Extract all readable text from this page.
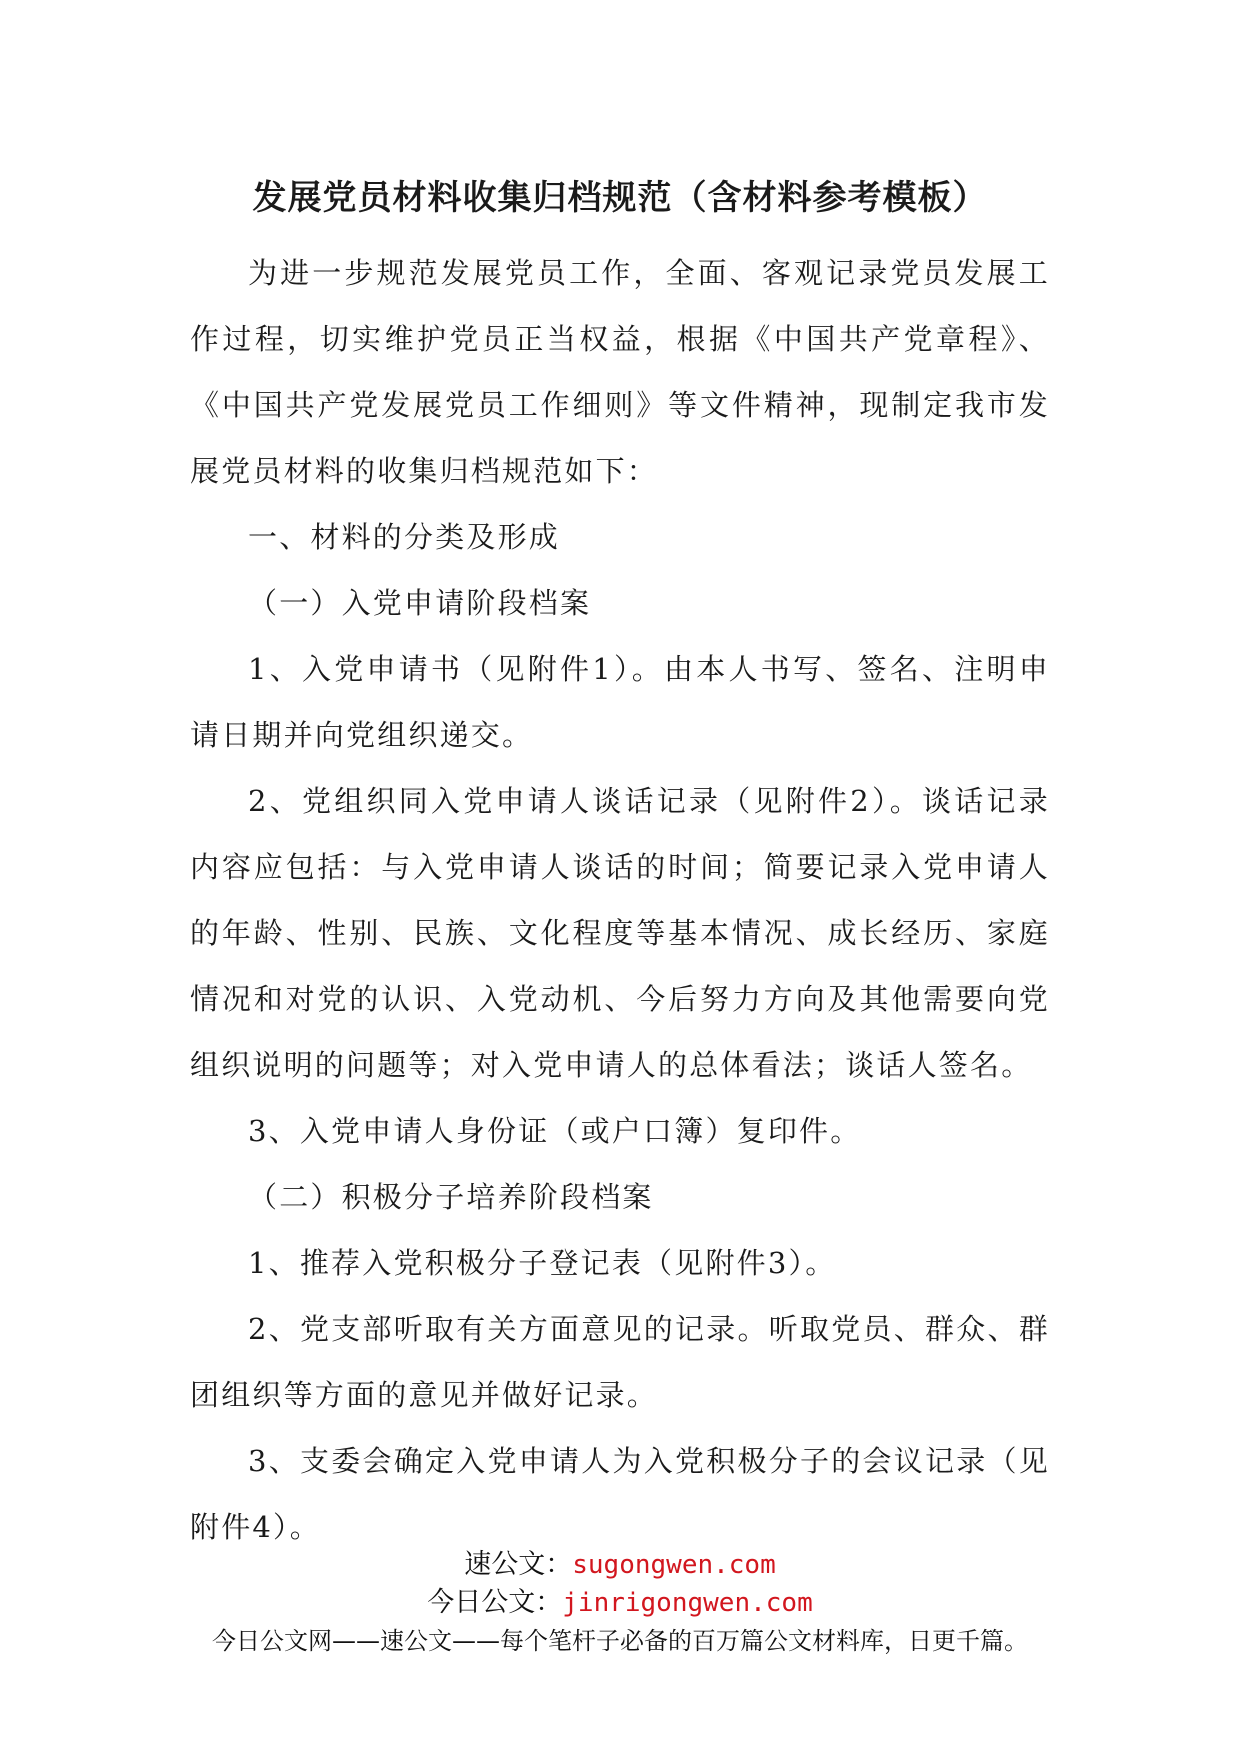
发展党员材料收集归档规范（含材料参考模板）

为进一步规范发展党员工作，全面、客观记录党员发展工作过程，切实维护党员正当权益，根据《中国共产党章程》、《中国共产党发展党员工作细则》等文件精神，现制定我市发展党员材料的收集归档规范如下：

一、材料的分类及形成

（一）入党申请阶段档案

1、入党申请书（见附件1）。由本人书写、签名、注明申请日期并向党组织递交。

2、党组织同入党申请人谈话记录（见附件2）。谈话记录内容应包括：与入党申请人谈话的时间；简要记录入党申请人的年龄、性别、民族、文化程度等基本情况、成长经历、家庭情况和对党的认识、入党动机、今后努力方向及其他需要向党组织说明的问题等；对入党申请人的总体看法；谈话人签名。

3、入党申请人身份证（或户口簿）复印件。

（二）积极分子培养阶段档案

1、推荐入党积极分子登记表（见附件3）。

2、党支部听取有关方面意见的记录。听取党员、群众、群团组织等方面的意见并做好记录。

3、支委会确定入党申请人为入党积极分子的会议记录（见附件4）。

速公文：sugongwen.com
今日公文：jinrigongwen.com
今日公文网——速公文——每个笔杆子必备的百万篇公文材料库，日更千篇。
